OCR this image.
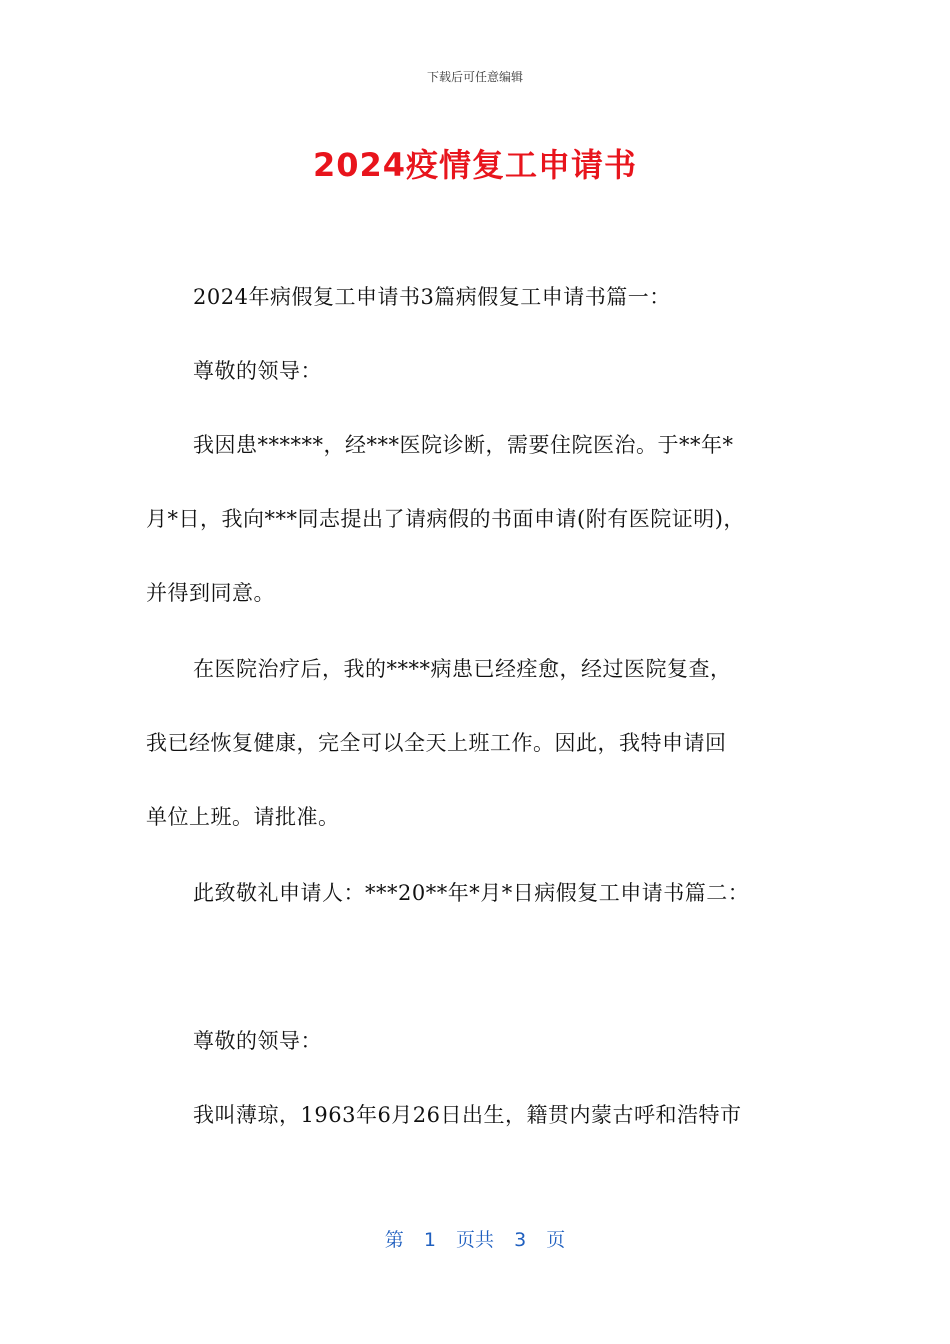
下载后可任意编辑
2024疫情复工申请书
2024年病假复工申请书3篇病假复工申请书篇一：
尊敬的领导：
我因患******，经***医院诊断，需要住院医治。于**年*
月*日，我向***同志提出了请病假的书面申请(附有医院证明)，
并得到同意。
在医院治疗后，我的****病患已经痊愈，经过医院复查，
我已经恢复健康，完全可以全天上班工作。因此，我特申请回
单位上班。请批准。
此致敬礼申请人：***20**年*月*日病假复工申请书篇二：
尊敬的领导：
我叫薄琼，1963年6月26日出生，籍贯内蒙古呼和浩特市
第  1  页共  3  页
